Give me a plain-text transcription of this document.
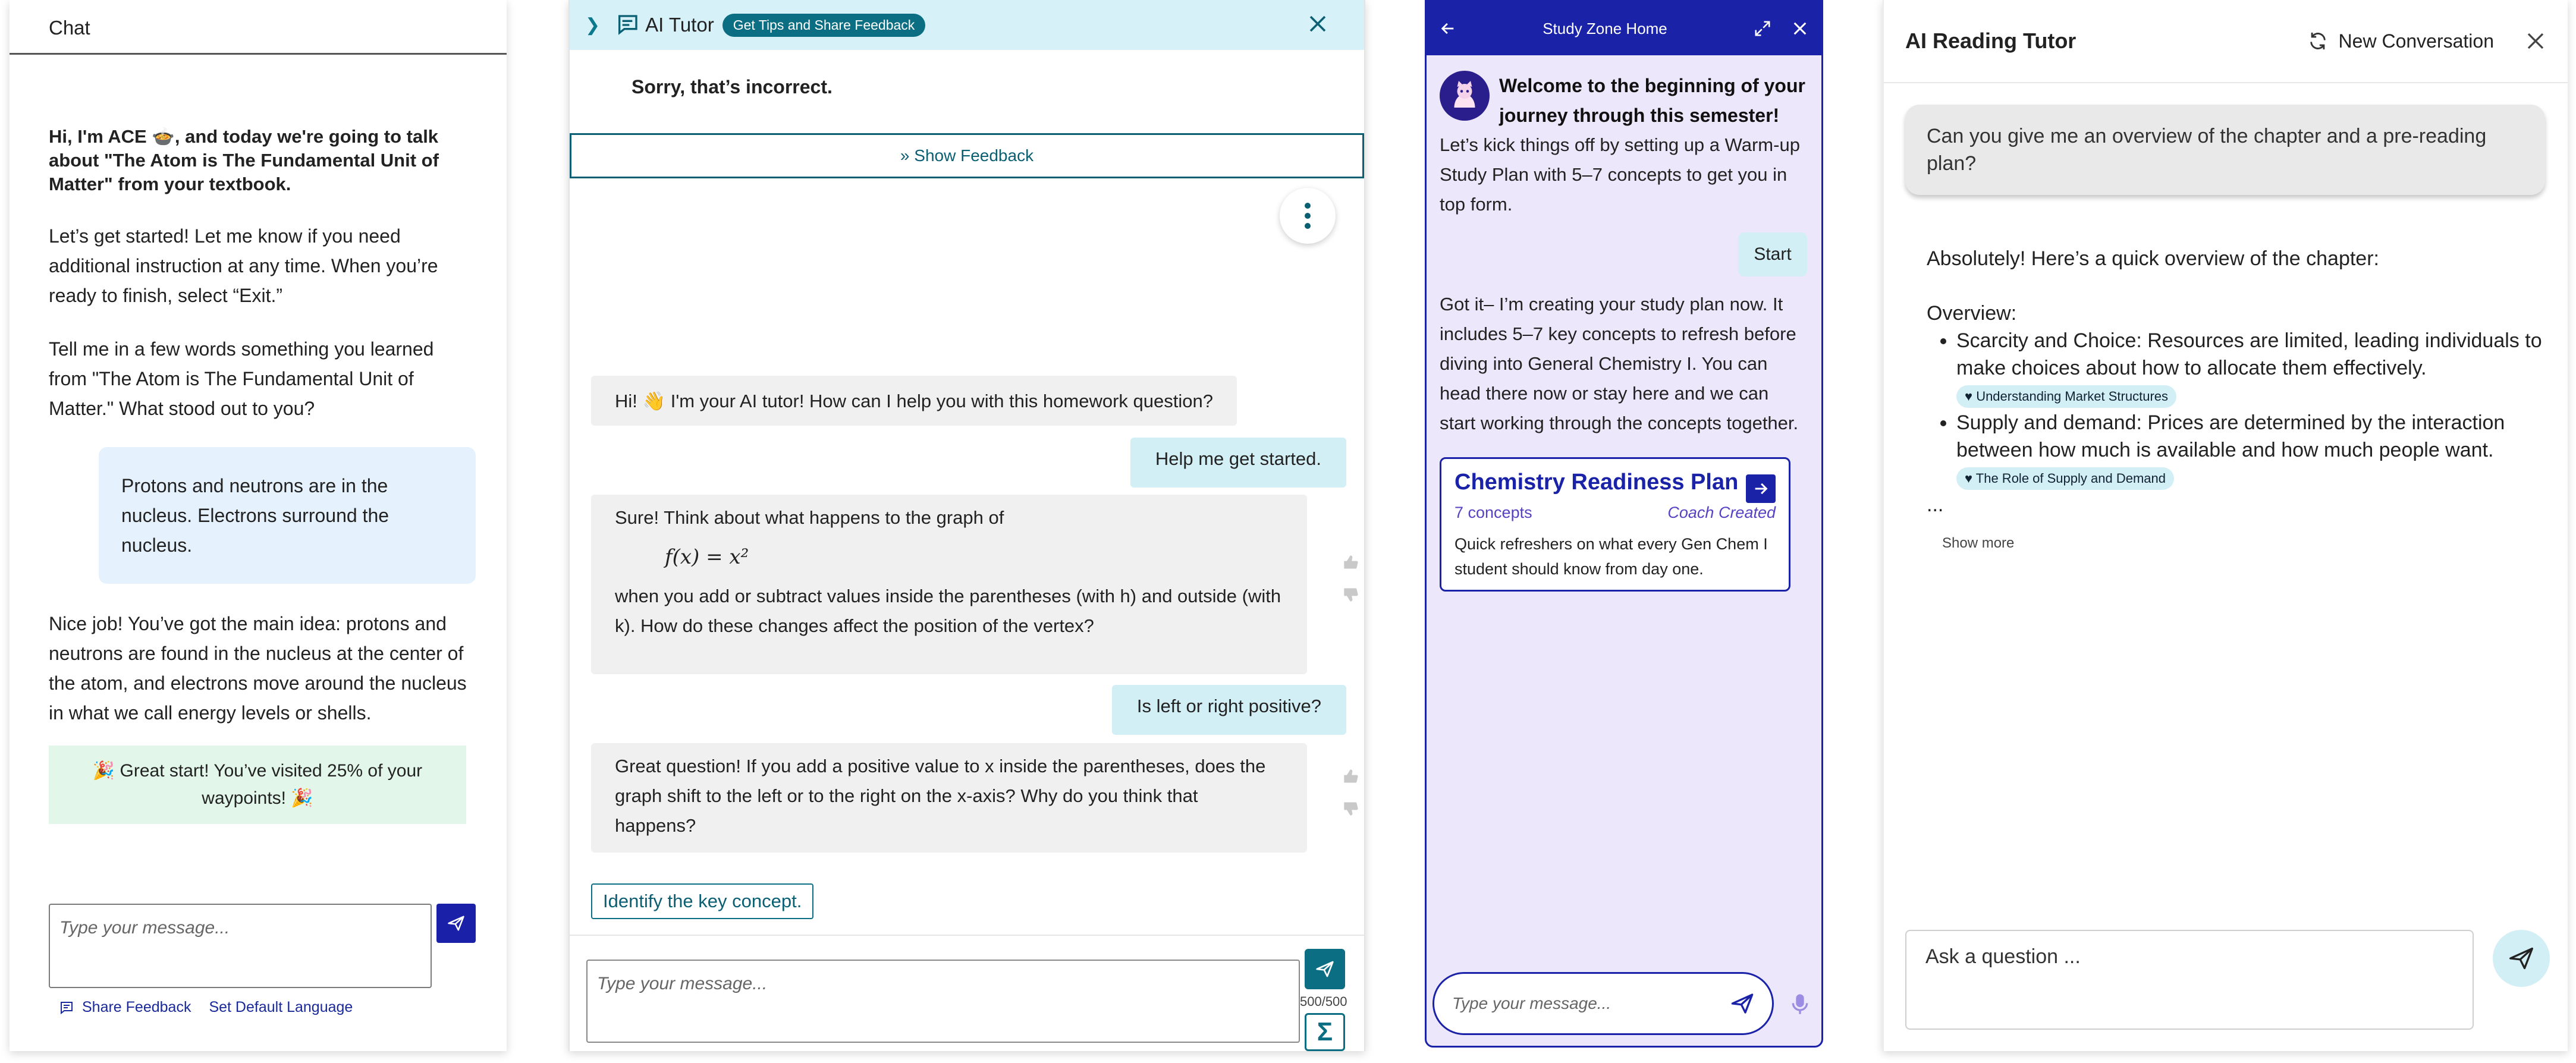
Chat
Hi, I'm ACE 🍲, and today we're going to talk about "The Atom is The Fundamental Unit of Matter" from your textbook.

Let’s get started! Let me know if you need additional instruction at any time. When you’re ready to finish, select “Exit.”

Tell me in a few words something you learned from "The Atom is The Fundamental Unit of Matter." What stood out to you?

Protons and neutrons are in the nucleus. Electrons surround the nucleus.

Nice job! You’ve got the main idea: protons and neutrons are found in the nucleus at the center of the atom, and electrons move around the nucleus in what we call energy levels or shells.

🎉 Great start! You’ve visited 25% of your waypoints! 🎉
Type your message...
Share Feedback Set Default Language
❯ AI Tutor	Get Tips and Share Feedback
Sorry, that’s incorrect.
»︎ Show Feedback
Hi! 👋 I'm your AI tutor! How can I help you with this homework question?
Help me get started.
Sure! Think about what happens to the graph of
f(x) = x²
when you add or subtract values inside the parentheses (with h) and outside (with k). How do these changes affect the position of the vertex?
Is left or right positive?
Great question! If you add a positive value to x inside the parentheses, does the graph shift to the left or to the right on the x-axis? Why do you think that happens?
Identify the key concept.
Type your message...
500/500
Σ
Study Zone Home
Welcome to the beginning of your journey through this semester!
Let’s kick things off by setting up a Warm-up Study Plan with 5–7 concepts to get you in top form.
Start
Got it– I’m creating your study plan now. It includes 5–7 key concepts to refresh before diving into General Chemistry I. You can head there now or stay here and we can start working through the concepts together.
Chemistry Readiness Plan
7 concepts	Coach Created
Quick refreshers on what every Gen Chem I student should know from day one.
Type your message...
AI Reading Tutor	New Conversation
Can you give me an overview of the chapter and a pre-reading plan?
Absolutely! Here’s a quick overview of the chapter:
Overview:
• Scarcity and Choice: Resources are limited, leading individuals to make choices about how to allocate them effectively. ♥︎ Understanding Market Structures
• Supply and demand: Prices are determined by the interaction between how much is available and how much people want. ♥︎ The Role of Supply and Demand
...
Show more
Ask a question ...
